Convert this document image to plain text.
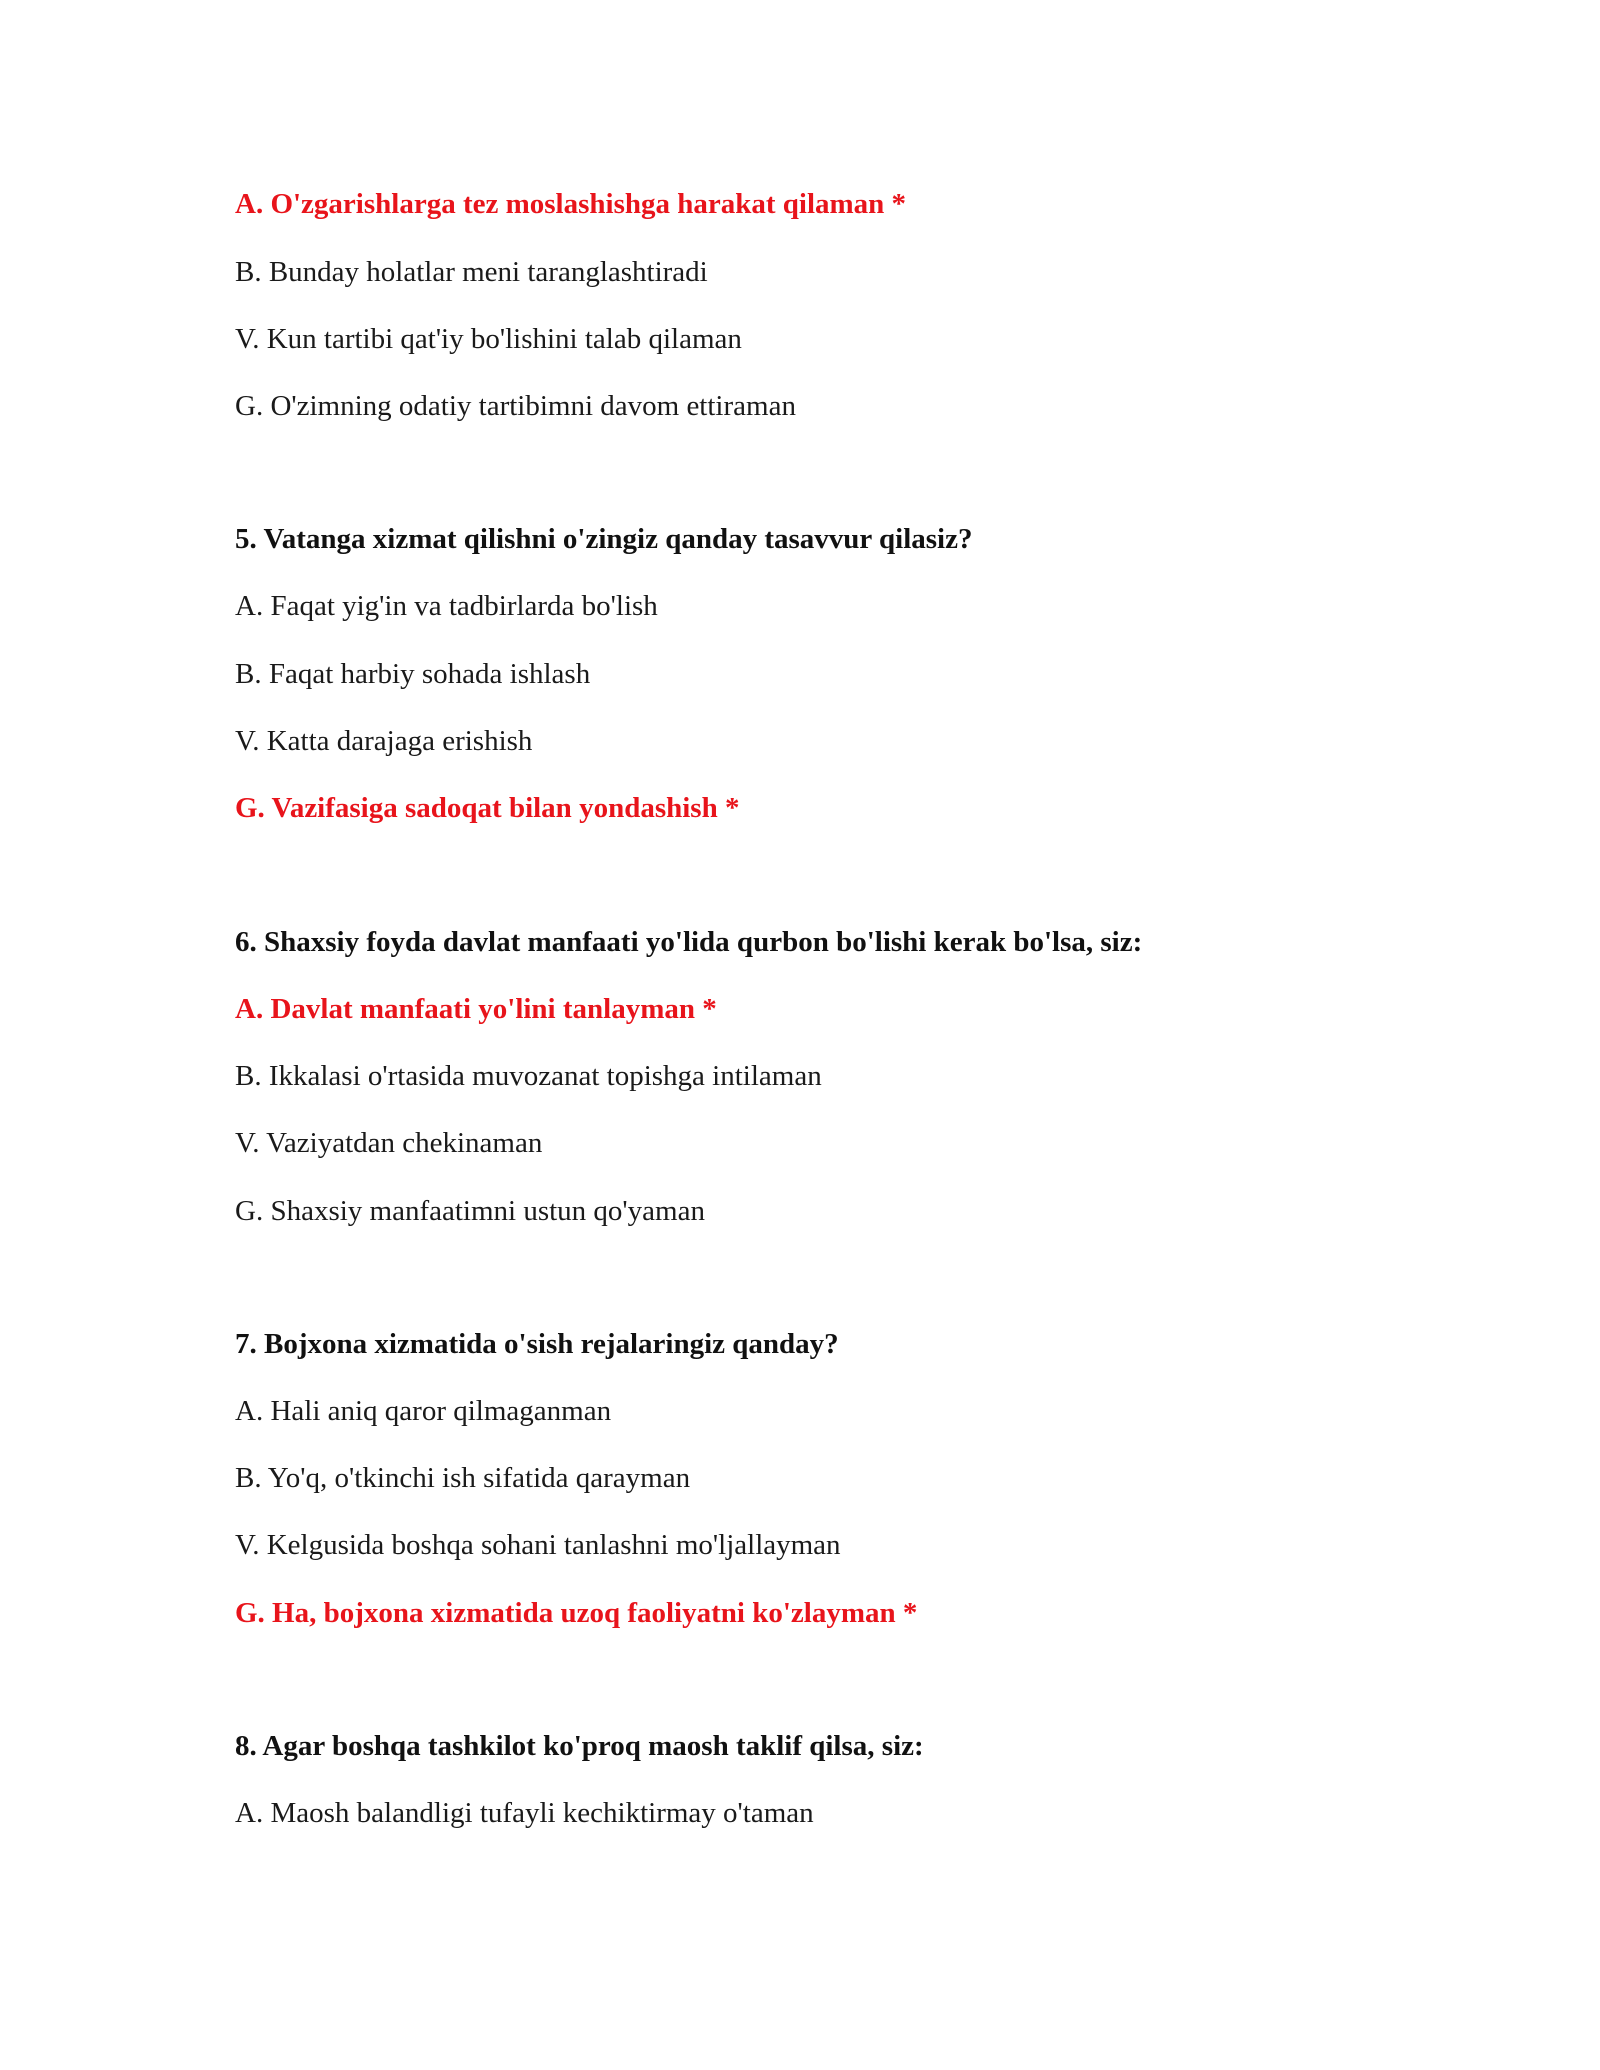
A. O'zgarishlarga tez moslashishga harakat qilaman *
B. Bunday holatlar meni taranglashtiradi
V. Kun tartibi qat'iy bo'lishini talab qilaman
G. O'zimning odatiy tartibimni davom ettiraman
5. Vatanga xizmat qilishni o'zingiz qanday tasavvur qilasiz?
A. Faqat yig'in va tadbirlarda bo'lish
B. Faqat harbiy sohada ishlash
V. Katta darajaga erishish
G. Vazifasiga sadoqat bilan yondashish *
6. Shaxsiy foyda davlat manfaati yo'lida qurbon bo'lishi kerak bo'lsa, siz:
A. Davlat manfaati yo'lini tanlayman *
B. Ikkalasi o'rtasida muvozanat topishga intilaman
V. Vaziyatdan chekinaman
G. Shaxsiy manfaatimni ustun qo'yaman
7. Bojxona xizmatida o'sish rejalaringiz qanday?
A. Hali aniq qaror qilmaganman
B. Yo'q, o'tkinchi ish sifatida qarayman
V. Kelgusida boshqa sohani tanlashni mo'ljallayman
G. Ha, bojxona xizmatida uzoq faoliyatni ko'zlayman *
8. Agar boshqa tashkilot ko'proq maosh taklif qilsa, siz:
A. Maosh balandligi tufayli kechiktirmay o'taman
